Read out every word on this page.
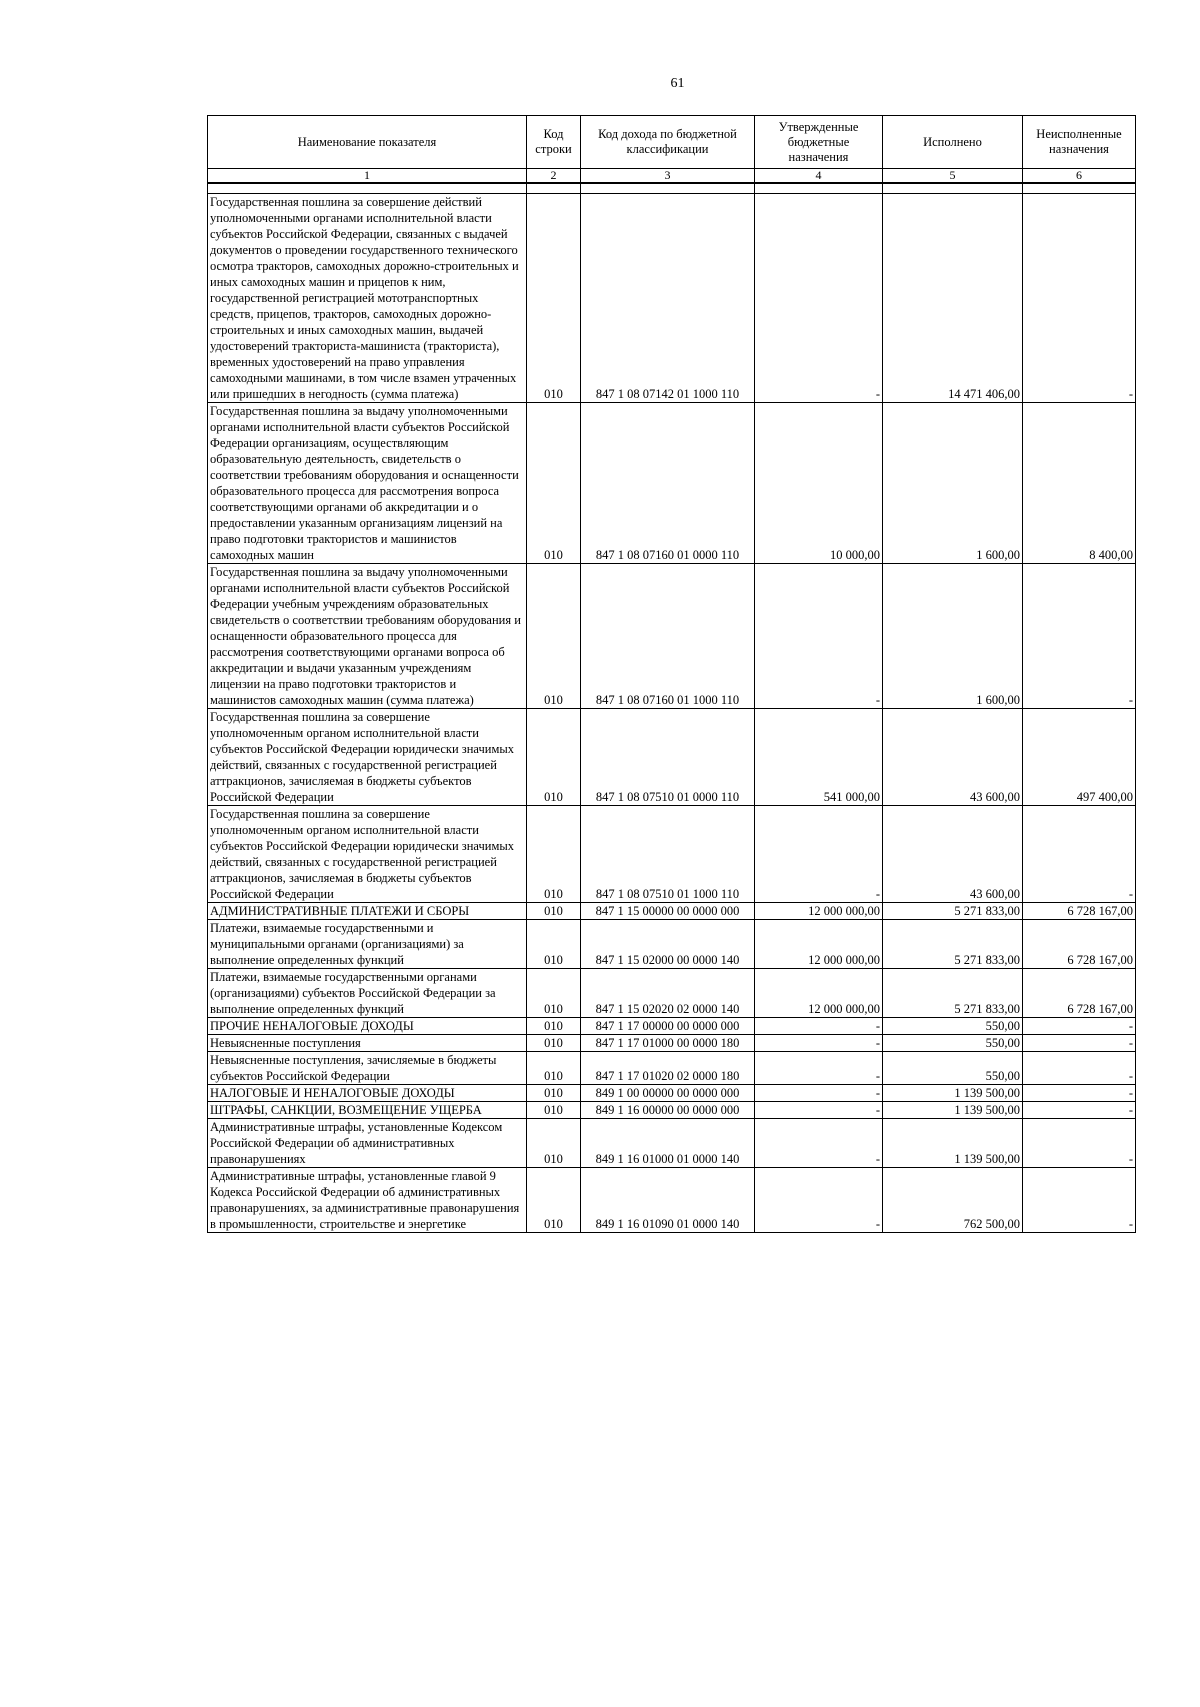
61
Наименование показателя	Код строки	Код дохода по бюджетной классификации	Утвержденные бюджетные назначения	Исполнено	Неисполненные назначения
1	2	3	4	5	6

Государственная пошлина за совершение действий уполномоченными органами исполнительной власти субъектов Российской Федерации, связанных с выдачей документов о проведении государственного технического осмотра тракторов, самоходных дорожно-строительных и иных самоходных машин и прицепов к ним, государственной регистрацией мототранспортных средств, прицепов, тракторов, самоходных дорожно-строительных и иных самоходных машин, выдачей удостоверений тракториста-машиниста (тракториста), временных удостоверений на право управления самоходными машинами, в том числе взамен утраченных или пришедших в негодность (сумма платежа)	010	847 1 08 07142 01 1000 110	-	14 471 406,00	-
Государственная пошлина за выдачу уполномоченными органами исполнительной власти субъектов Российской Федерации организациям, осуществляющим образовательную деятельность, свидетельств о соответствии требованиям оборудования и оснащенности образовательного процесса для рассмотрения вопроса соответствующими органами об аккредитации и о предоставлении указанным организациям лицензий на право подготовки трактористов и машинистов самоходных машин	010	847 1 08 07160 01 0000 110	10 000,00	1 600,00	8 400,00
Государственная пошлина за выдачу уполномоченными органами исполнительной власти субъектов Российской Федерации учебным учреждениям образовательных свидетельств о соответствии требованиям оборудования и оснащенности образовательного процесса для рассмотрения соответствующими органами вопроса об аккредитации и выдачи указанным учреждениям лицензии на право подготовки трактористов и машинистов самоходных машин (сумма платежа)	010	847 1 08 07160 01 1000 110	-	1 600,00	-
Государственная пошлина за совершение уполномоченным органом исполнительной власти субъектов Российской Федерации юридически значимых действий, связанных с государственной регистрацией аттракционов, зачисляемая в бюджеты субъектов Российской Федерации	010	847 1 08 07510 01 0000 110	541 000,00	43 600,00	497 400,00
Государственная пошлина за совершение уполномоченным органом исполнительной власти субъектов Российской Федерации юридически значимых действий, связанных с государственной регистрацией аттракционов, зачисляемая в бюджеты субъектов Российской Федерации	010	847 1 08 07510 01 1000 110	-	43 600,00	-
АДМИНИСТРАТИВНЫЕ ПЛАТЕЖИ И СБОРЫ	010	847 1 15 00000 00 0000 000	12 000 000,00	5 271 833,00	6 728 167,00
Платежи, взимаемые государственными и муниципальными органами (организациями) за выполнение определенных функций	010	847 1 15 02000 00 0000 140	12 000 000,00	5 271 833,00	6 728 167,00
Платежи, взимаемые государственными органами (организациями) субъектов Российской Федерации за выполнение определенных функций	010	847 1 15 02020 02 0000 140	12 000 000,00	5 271 833,00	6 728 167,00
ПРОЧИЕ НЕНАЛОГОВЫЕ ДОХОДЫ	010	847 1 17 00000 00 0000 000	-	550,00	-
Невыясненные поступления	010	847 1 17 01000 00 0000 180	-	550,00	-
Невыясненные поступления, зачисляемые в бюджеты субъектов Российской Федерации	010	847 1 17 01020 02 0000 180	-	550,00	-
НАЛОГОВЫЕ И НЕНАЛОГОВЫЕ ДОХОДЫ	010	849 1 00 00000 00 0000 000	-	1 139 500,00	-
ШТРАФЫ, САНКЦИИ, ВОЗМЕЩЕНИЕ УЩЕРБА	010	849 1 16 00000 00 0000 000	-	1 139 500,00	-
Административные штрафы, установленные Кодексом Российской Федерации об административных правонарушениях	010	849 1 16 01000 01 0000 140	-	1 139 500,00	-
Административные штрафы, установленные главой 9 Кодекса Российской Федерации об административных правонарушениях, за административные правонарушения в промышленности, строительстве и энергетике	010	849 1 16 01090 01 0000 140	-	762 500,00	-
